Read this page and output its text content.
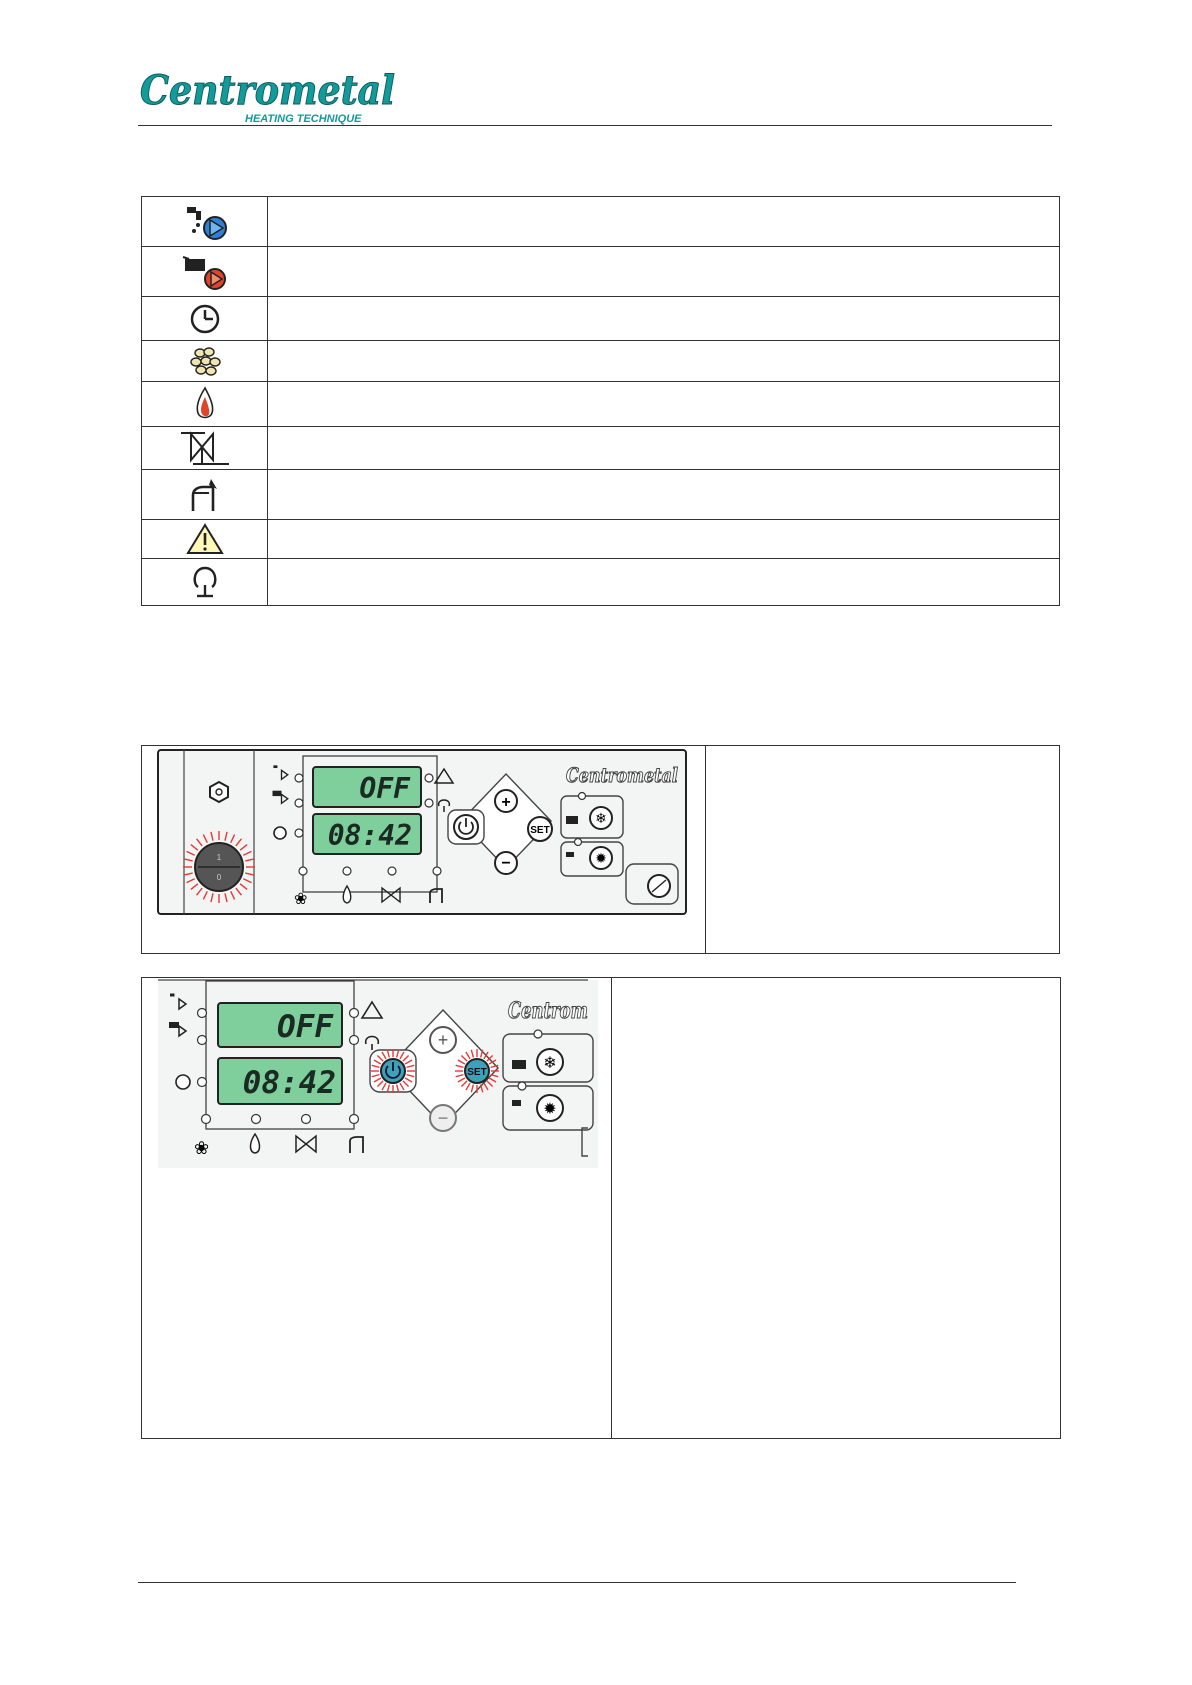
Centrometal
HEATING TECHNIQUE

1
0
OFF
08:42
❀
+
−
SET
Centrometal
❄
✹
OFF
08:42
❀
+
−
SET
Centrom
❄
✹
